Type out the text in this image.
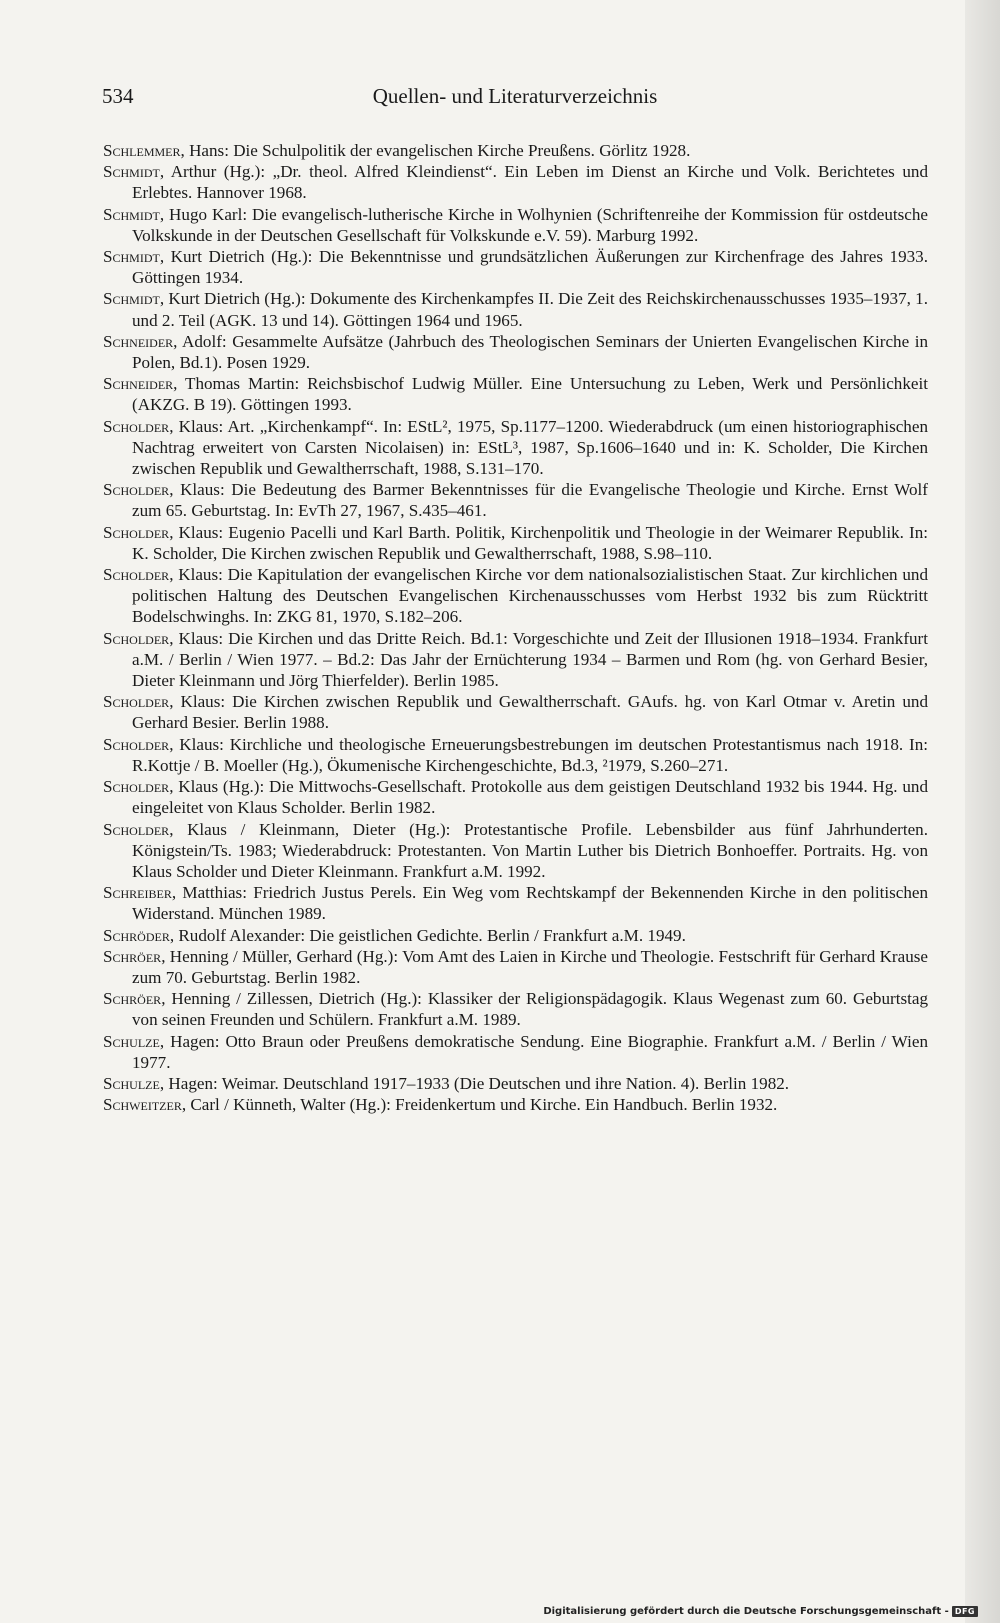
534	Quellen- und Literaturverzeichnis
Schlemmer, Hans: Die Schulpolitik der evangelischen Kirche Preußens. Görlitz 1928.
Schmidt, Arthur (Hg.): „Dr. theol. Alfred Kleindienst“. Ein Leben im Dienst an Kirche und Volk. Berichtetes und Erlebtes. Hannover 1968.
Schmidt, Hugo Karl: Die evangelisch-lutherische Kirche in Wolhynien (Schriftenreihe der Kommission für ostdeutsche Volkskunde in der Deutschen Gesellschaft für Volkskunde e.V. 59). Marburg 1992.
Schmidt, Kurt Dietrich (Hg.): Die Bekenntnisse und grundsätzlichen Äußerungen zur Kirchenfrage des Jahres 1933. Göttingen 1934.
Schmidt, Kurt Dietrich (Hg.): Dokumente des Kirchenkampfes II. Die Zeit des Reichskirchenausschusses 1935–1937, 1. und 2. Teil (AGK. 13 und 14). Göttingen 1964 und 1965.
Schneider, Adolf: Gesammelte Aufsätze (Jahrbuch des Theologischen Seminars der Unierten Evangelischen Kirche in Polen, Bd.1). Posen 1929.
Schneider, Thomas Martin: Reichsbischof Ludwig Müller. Eine Untersuchung zu Leben, Werk und Persönlichkeit (AKZG. B 19). Göttingen 1993.
Scholder, Klaus: Art. „Kirchenkampf“. In: EStL², 1975, Sp.1177–1200. Wiederabdruck (um einen historiographischen Nachtrag erweitert von Carsten Nicolaisen) in: EStL³, 1987, Sp.1606–1640 und in: K. Scholder, Die Kirchen zwischen Republik und Gewaltherrschaft, 1988, S.131–170.
Scholder, Klaus: Die Bedeutung des Barmer Bekenntnisses für die Evangelische Theologie und Kirche. Ernst Wolf zum 65. Geburtstag. In: EvTh 27, 1967, S.435–461.
Scholder, Klaus: Eugenio Pacelli und Karl Barth. Politik, Kirchenpolitik und Theologie in der Weimarer Republik. In: K. Scholder, Die Kirchen zwischen Republik und Gewaltherrschaft, 1988, S.98–110.
Scholder, Klaus: Die Kapitulation der evangelischen Kirche vor dem nationalsozialistischen Staat. Zur kirchlichen und politischen Haltung des Deutschen Evangelischen Kirchenausschusses vom Herbst 1932 bis zum Rücktritt Bodelschwinghs. In: ZKG 81, 1970, S.182–206.
Scholder, Klaus: Die Kirchen und das Dritte Reich. Bd.1: Vorgeschichte und Zeit der Illusionen 1918–1934. Frankfurt a.M. / Berlin / Wien 1977. – Bd.2: Das Jahr der Ernüchterung 1934 – Barmen und Rom (hg. von Gerhard Besier, Dieter Kleinmann und Jörg Thierfelder). Berlin 1985.
Scholder, Klaus: Die Kirchen zwischen Republik und Gewaltherrschaft. GAufs. hg. von Karl Otmar v. Aretin und Gerhard Besier. Berlin 1988.
Scholder, Klaus: Kirchliche und theologische Erneuerungsbestrebungen im deutschen Protestantismus nach 1918. In: R.Kottje / B. Moeller (Hg.), Ökumenische Kirchengeschichte, Bd.3, ²1979, S.260–271.
Scholder, Klaus (Hg.): Die Mittwochs-Gesellschaft. Protokolle aus dem geistigen Deutschland 1932 bis 1944. Hg. und eingeleitet von Klaus Scholder. Berlin 1982.
Scholder, Klaus / Kleinmann, Dieter (Hg.): Protestantische Profile. Lebensbilder aus fünf Jahrhunderten. Königstein/Ts. 1983; Wiederabdruck: Protestanten. Von Martin Luther bis Dietrich Bonhoeffer. Portraits. Hg. von Klaus Scholder und Dieter Kleinmann. Frankfurt a.M. 1992.
Schreiber, Matthias: Friedrich Justus Perels. Ein Weg vom Rechtskampf der Bekennenden Kirche in den politischen Widerstand. München 1989.
Schröder, Rudolf Alexander: Die geistlichen Gedichte. Berlin / Frankfurt a.M. 1949.
Schröer, Henning / Müller, Gerhard (Hg.): Vom Amt des Laien in Kirche und Theologie. Festschrift für Gerhard Krause zum 70. Geburtstag. Berlin 1982.
Schröer, Henning / Zillessen, Dietrich (Hg.): Klassiker der Religionspädagogik. Klaus Wegenast zum 60. Geburtstag von seinen Freunden und Schülern. Frankfurt a.M. 1989.
Schulze, Hagen: Otto Braun oder Preußens demokratische Sendung. Eine Biographie. Frankfurt a.M. / Berlin / Wien 1977.
Schulze, Hagen: Weimar. Deutschland 1917–1933 (Die Deutschen und ihre Nation. 4). Berlin 1982.
Schweitzer, Carl / Künneth, Walter (Hg.): Freidenkertum und Kirche. Ein Handbuch. Berlin 1932.
Digitalisierung gefördert durch die Deutsche Forschungsgemeinschaft - DFG
